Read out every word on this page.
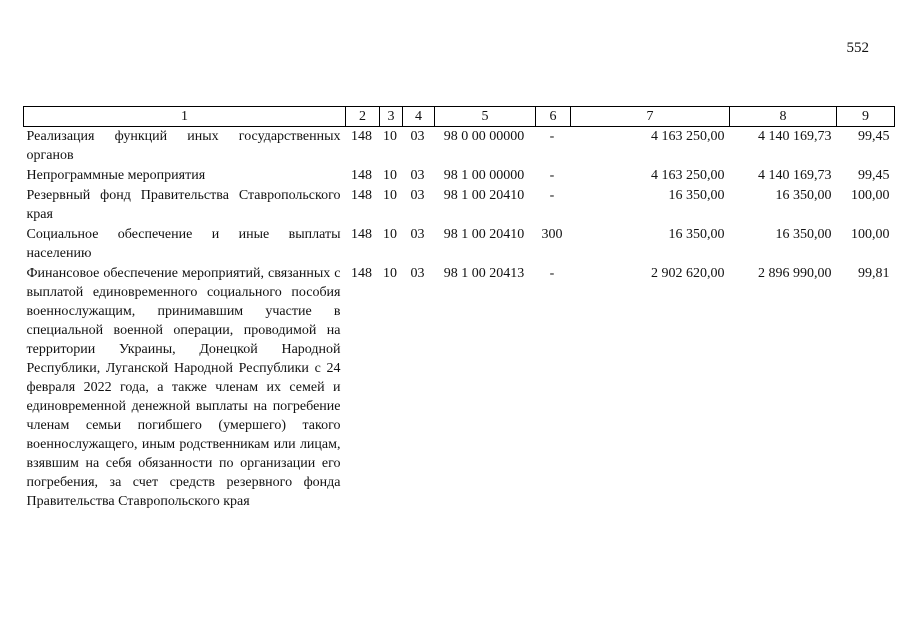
552
1	2	3	4	5	6	7	8	9
Реализация функций иных государственных органов	148	10	03	98 0 00 00000	-	4 163 250,00	4 140 169,73	99,45
Непрограммные мероприятия	148	10	03	98 1 00 00000	-	4 163 250,00	4 140 169,73	99,45
Резервный фонд Правительства Ставропольского края	148	10	03	98 1 00 20410	-	16 350,00	16 350,00	100,00
Социальное обеспечение и иные выплаты населению	148	10	03	98 1 00 20410	300	16 350,00	16 350,00	100,00
Финансовое обеспечение мероприятий, связанных с выплатой единовременного социального пособия военнослужащим, принимавшим участие в специальной военной операции, проводимой на территории Украины, Донецкой Народной Республики, Луганской Народной Республики с 24 февраля 2022 года, а также членам их семей и единовременной денежной выплаты на погребение членам семьи погибшего (умершего) такого военнослужащего, иным родственникам или лицам, взявшим на себя обязанности по организации его погребения, за счет средств резервного фонда Правительства Ставропольского края	148	10	03	98 1 00 20413	-	2 902 620,00	2 896 990,00	99,81
